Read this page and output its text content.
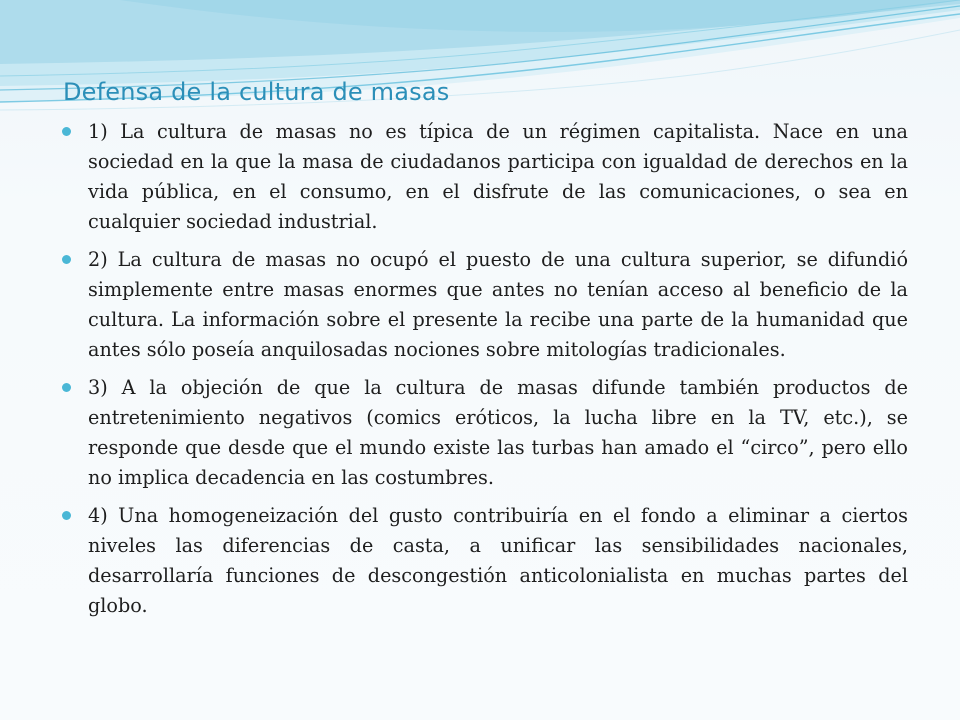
Defensa de la cultura de masas
1) La cultura de masas no es típica de un régimen capitalista. Nace en una sociedad en la que la masa de ciudadanos participa con igualdad de derechos en la vida pública, en el consumo, en el disfrute de las comunicaciones, o sea en cualquier sociedad industrial.
2) La cultura de masas no ocupó el puesto de una cultura superior, se difundió simplemente entre masas enormes que antes no tenían acceso al beneficio de la cultura. La información sobre el presente la recibe una parte de la humanidad que antes sólo poseía anquilosadas nociones sobre mitologías tradicionales.
3) A la objeción de que la cultura de masas difunde también productos de entretenimiento negativos (comics eróticos, la lucha libre en la TV, etc.), se responde que desde que el mundo existe las turbas han amado el “circo”, pero ello no implica decadencia en las costumbres.
4) Una homogeneización del gusto contribuiría en el fondo a eliminar a ciertos niveles las diferencias de casta, a unificar las sensibilidades nacionales, desarrollaría funciones de descongestión anticolonialista en muchas partes del globo.
